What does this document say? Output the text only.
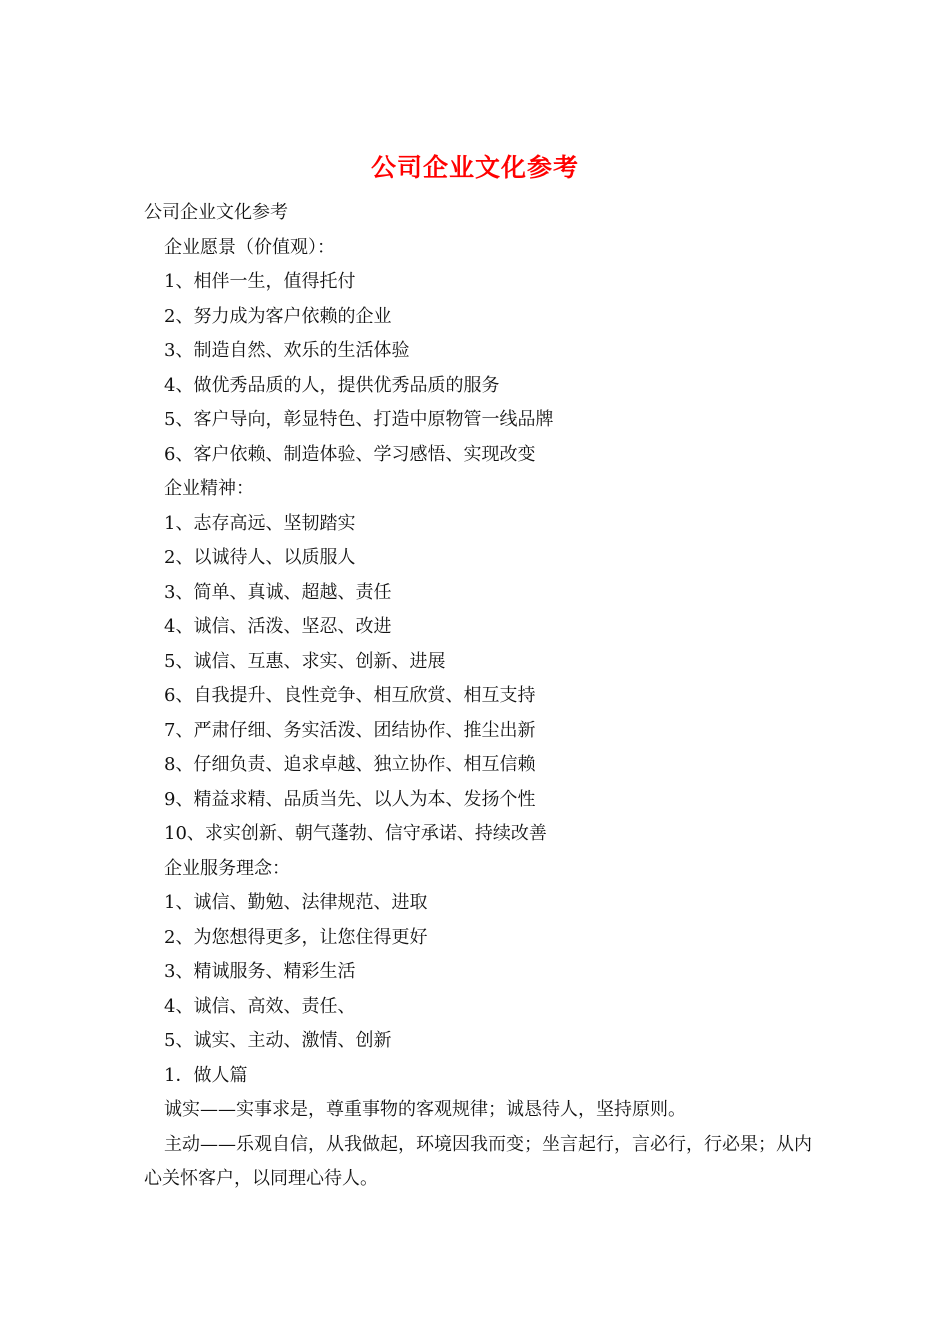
公司企业文化参考
公司企业文化参考
企业愿景（价值观）：
1、相伴一生，值得托付
2、努力成为客户依赖的企业
3、制造自然、欢乐的生活体验
4、做优秀品质的人，提供优秀品质的服务
5、客户导向，彰显特色、打造中原物管一线品牌
6、客户依赖、制造体验、学习感悟、实现改变
企业精神：
1、志存高远、坚韧踏实
2、以诚待人、以质服人
3、简单、真诚、超越、责任
4、诚信、活泼、坚忍、改进
5、诚信、互惠、求实、创新、进展
6、自我提升、良性竞争、相互欣赏、相互支持
7、严肃仔细、务实活泼、团结协作、推尘出新
8、仔细负责、追求卓越、独立协作、相互信赖
9、精益求精、品质当先、以人为本、发扬个性
10、求实创新、朝气蓬勃、信守承诺、持续改善
企业服务理念：
1、诚信、勤勉、法律规范、进取
2、为您想得更多，让您住得更好
3、精诚服务、精彩生活
4、诚信、高效、责任、
5、诚实、主动、激情、创新
1．做人篇
诚实——实事求是，尊重事物的客观规律；诚恳待人，坚持原则。
主动——乐观自信，从我做起，环境因我而变；坐言起行，言必行，行必果；从内心关怀客户，以同理心待人。
